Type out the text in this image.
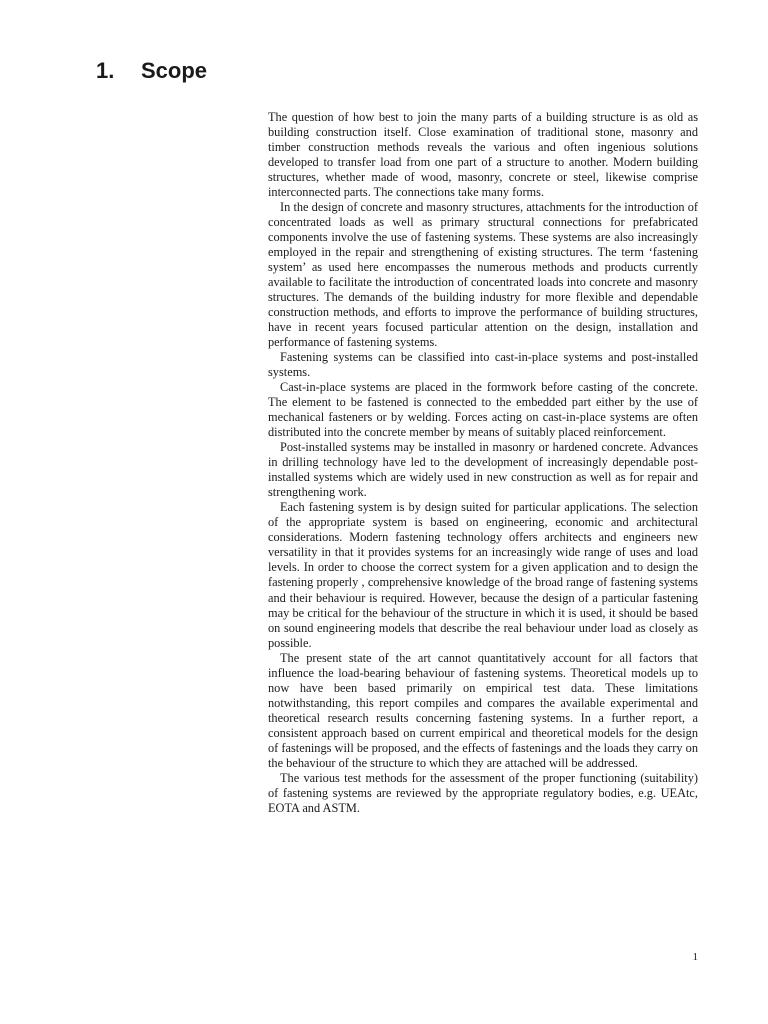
1. Scope

The question of how best to join the many parts of a building structure is as old as building construction itself. Close examination of traditional stone, masonry and timber construction methods reveals the various and often ingenious solutions developed to transfer load from one part of a structure to another. Modern building structures, whether made of wood, masonry, concrete or steel, likewise comprise interconnected parts. The connections take many forms.

In the design of concrete and masonry structures, attachments for the introduction of concentrated loads as well as primary structural connections for prefabricated components involve the use of fastening systems. These systems are also increasingly employed in the repair and strengthening of existing structures. The term ‘fastening system’ as used here encompasses the numerous methods and products currently available to facilitate the introduction of concentrated loads into concrete and masonry structures. The demands of the building industry for more flexible and dependable construction methods, and efforts to improve the performance of building structures, have in recent years focused particular attention on the design, installation and performance of fastening systems.

Fastening systems can be classified into cast-in-place systems and post-installed systems.

Cast-in-place systems are placed in the formwork before casting of the concrete. The element to be fastened is connected to the embedded part either by the use of mechanical fasteners or by welding. Forces acting on cast-in-place systems are often distributed into the concrete member by means of suitably placed reinforcement.

Post-installed systems may be installed in masonry or hardened concrete. Advances in drilling technology have led to the development of increasingly dependable post-installed systems which are widely used in new construction as well as for repair and strengthening work.

Each fastening system is by design suited for particular applications. The selection of the appropriate system is based on engineering, economic and architectural considerations. Modern fastening technology offers architects and engineers new versatility in that it provides systems for an increasingly wide range of uses and load levels. In order to choose the correct system for a given application and to design the fastening properly , comprehensive knowledge of the broad range of fastening systems and their behaviour is required. However, because the design of a particular fastening may be critical for the behaviour of the structure in which it is used, it should be based on sound engineering models that describe the real behaviour under load as closely as possible.

The present state of the art cannot quantitatively account for all factors that influence the load-bearing behaviour of fastening systems. Theoretical models up to now have been based primarily on empirical test data. These limitations notwithstanding, this report compiles and compares the available experimental and theoretical research results concerning fastening systems. In a further report, a consistent approach based on current empirical and theoretical models for the design of fastenings will be proposed, and the effects of fastenings and the loads they carry on the behaviour of the structure to which they are attached will be addressed.

The various test methods for the assessment of the proper functioning (suitability) of fastening systems are reviewed by the appropriate regulatory bodies, e.g. UEAtc, EOTA and ASTM.

1
